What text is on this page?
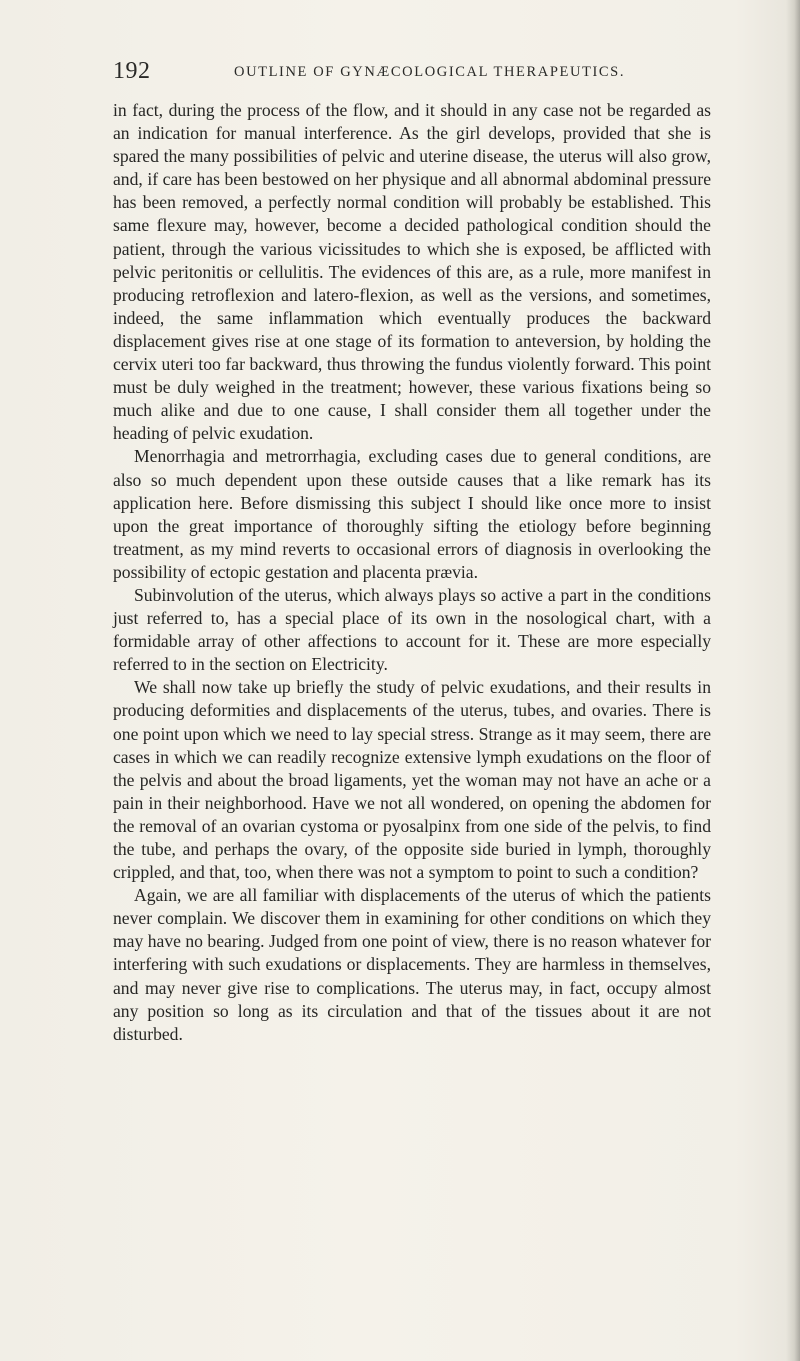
192	OUTLINE OF GYNÆCOLOGICAL THERAPEUTICS.

in fact, during the process of the flow, and it should in any case not be regarded as an indication for manual interference. As the girl develops, provided that she is spared the many possibilities of pelvic and uterine disease, the uterus will also grow, and, if care has been bestowed on her physique and all abnormal abdominal pressure has been removed, a perfectly normal condition will probably be established. This same flexure may, however, become a decided pathological condition should the patient, through the various vicissitudes to which she is exposed, be afflicted with pelvic peritonitis or cellulitis. The evidences of this are, as a rule, more manifest in producing retroflexion and latero-flexion, as well as the versions, and sometimes, indeed, the same inflammation which eventually produces the backward displacement gives rise at one stage of its formation to anteversion, by holding the cervix uteri too far backward, thus throwing the fundus violently forward. This point must be duly weighed in the treatment; however, these various fixations being so much alike and due to one cause, I shall consider them all together under the heading of pelvic exudation.

Menorrhagia and metrorrhagia, excluding cases due to general conditions, are also so much dependent upon these outside causes that a like remark has its application here. Before dismissing this subject I should like once more to insist upon the great importance of thoroughly sifting the etiology before beginning treatment, as my mind reverts to occasional errors of diagnosis in overlooking the possibility of ectopic gestation and placenta prævia.

Subinvolution of the uterus, which always plays so active a part in the conditions just referred to, has a special place of its own in the nosological chart, with a formidable array of other affections to account for it. These are more especially referred to in the section on Electricity.

We shall now take up briefly the study of pelvic exudations, and their results in producing deformities and displacements of the uterus, tubes, and ovaries. There is one point upon which we need to lay special stress. Strange as it may seem, there are cases in which we can readily recognize extensive lymph exudations on the floor of the pelvis and about the broad ligaments, yet the woman may not have an ache or a pain in their neighborhood. Have we not all wondered, on opening the abdomen for the removal of an ovarian cystoma or pyosalpinx from one side of the pelvis, to find the tube, and perhaps the ovary, of the opposite side buried in lymph, thoroughly crippled, and that, too, when there was not a symptom to point to such a condition?

Again, we are all familiar with displacements of the uterus of which the patients never complain. We discover them in examining for other conditions on which they may have no bearing. Judged from one point of view, there is no reason whatever for interfering with such exudations or displacements. They are harmless in themselves, and may never give rise to complications. The uterus may, in fact, occupy almost any position so long as its circulation and that of the tissues about it are not disturbed.
